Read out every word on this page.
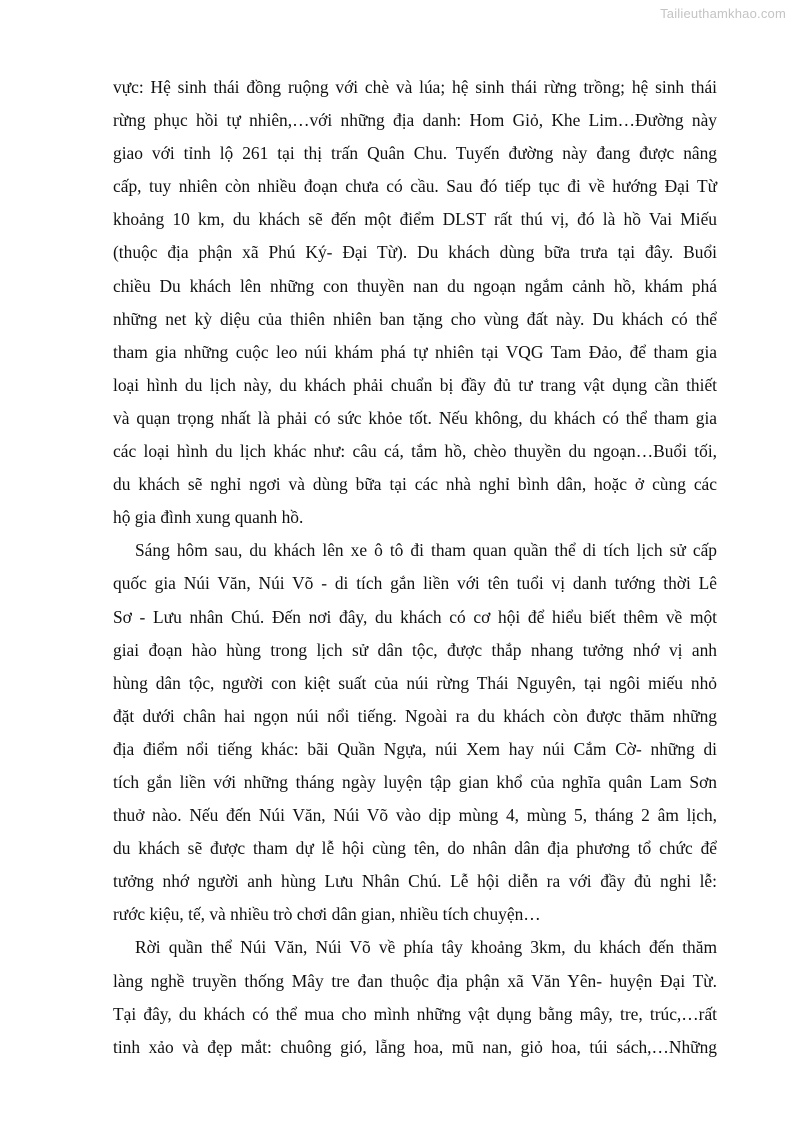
Tailieuthamkhao.com

vực: Hệ sinh thái đồng ruộng với chè và lúa; hệ sinh thái rừng trồng; hệ sinh thái
rừng phục hồi tự nhiên,…với những địa danh: Hom Giỏ, Khe Lim…Đường này
giao với tỉnh lộ 261 tại thị trấn Quân Chu. Tuyến đường này đang được nâng
cấp, tuy nhiên còn nhiều đoạn chưa có cầu. Sau đó tiếp tục đi về hướng Đại Từ
khoảng 10 km, du khách sẽ đến một điểm DLST rất thú vị, đó là hồ Vai Miếu
(thuộc địa phận xã Phú Ký- Đại Từ). Du khách dùng bữa trưa tại đây. Buổi
chiều Du khách lên những con thuyền nan du ngoạn ngắm cảnh hồ, khám phá
những net kỳ diệu của thiên nhiên ban tặng cho vùng đất này. Du khách có thể
tham gia những cuộc leo núi khám phá tự nhiên tại VQG Tam Đảo, để tham gia
loại hình du lịch này, du khách phải chuẩn bị đầy đủ tư trang vật dụng cần thiết
và quạn trọng nhất là phải có sức khỏe tốt. Nếu không, du khách có thể tham gia
các loại hình du lịch khác như: câu cá, tắm hồ, chèo thuyền du ngoạn…Buổi tối,
du khách sẽ nghỉ ngơi và dùng bữa tại các nhà nghỉ bình dân, hoặc ở cùng các
hộ gia đình xung quanh hồ.

Sáng hôm sau, du khách lên xe ô tô đi tham quan quần thể di tích lịch sử cấp
quốc gia Núi Văn, Núi Võ - di tích gắn liền với tên tuổi vị danh tướng thời Lê
Sơ - Lưu nhân Chú. Đến nơi đây, du khách có cơ hội để hiểu biết thêm về một
giai đoạn hào hùng trong lịch sử dân tộc, được thắp nhang tưởng nhớ vị anh
hùng dân tộc, người con kiệt suất của núi rừng Thái Nguyên, tại ngôi miếu nhỏ
đặt dưới chân hai ngọn núi nổi tiếng. Ngoài ra du khách còn được thăm những
địa điểm nổi tiếng khác: bãi Quần Ngựa, núi Xem hay núi Cắm Cờ- những di
tích gắn liền với những tháng ngày luyện tập gian khổ của nghĩa quân Lam Sơn
thuở nào. Nếu đến Núi Văn, Núi Võ vào dịp mùng 4, mùng 5, tháng 2 âm lịch,
du khách sẽ được tham dự lễ hội cùng tên, do nhân dân địa phương tổ chức để
tưởng nhớ người anh hùng Lưu Nhân Chú. Lễ hội diễn ra với đầy đủ nghi lễ:
rước kiệu, tế, và nhiều trò chơi dân gian, nhiều tích chuyện…

Rời quần thể Núi Văn, Núi Võ về phía tây khoảng 3km, du khách đến thăm
làng nghề truyền thống Mây tre đan thuộc địa phận xã Văn Yên- huyện Đại Từ.
Tại đây, du khách có thể mua cho mình những vật dụng bằng mây, tre, trúc,…rất
tinh xảo và đẹp mắt: chuông gió, lẵng hoa, mũ nan, giỏ hoa, túi sách,…Những
